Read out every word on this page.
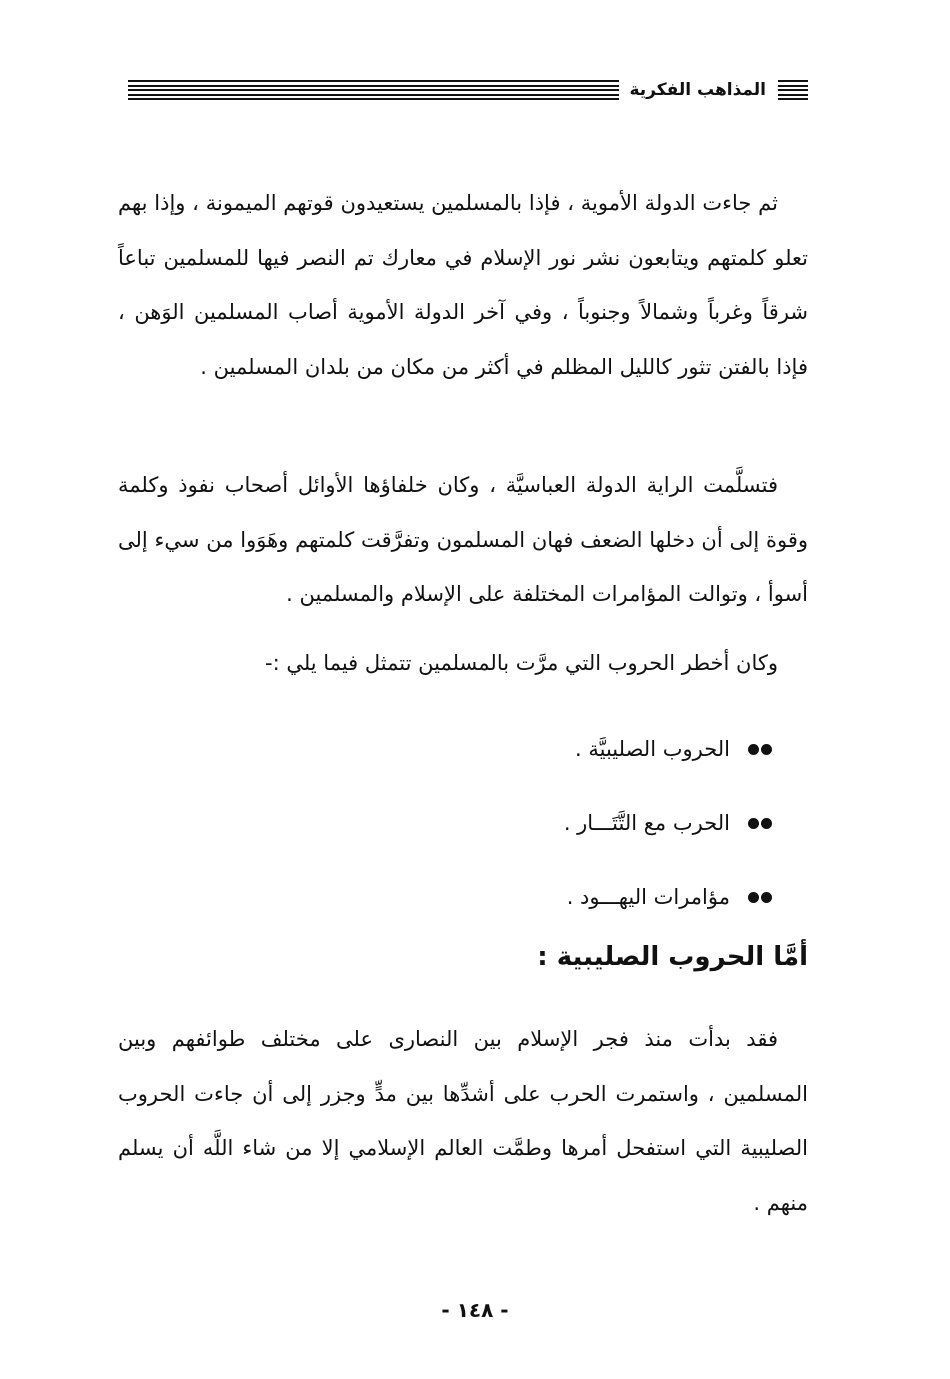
المذاهب الفكرية

ثم جاءت الدولة الأموية ، فإذا بالمسلمين يستعيدون قوتهم الميمونة ، وإذا بهم تعلو كلمتهم ويتابعون نشر نور الإسلام في معارك تم النصر فيها للمسلمين تباعاً شرقاً وغرباً وشمالاً وجنوباً ، وفي آخر الدولة الأموية أصاب المسلمين الوَهن ، فإذا بالفتن تثور كالليل المظلم في أكثر من مكان من بلدان المسلمين .

فتسلَّمت الراية الدولة العباسيَّة ، وكان خلفاؤها الأوائل أصحاب نفوذ وكلمة وقوة إلى أن دخلها الضعف فهان المسلمون وتفرَّقت كلمتهم وهَوَوا من سيء إلى أسوأ ، وتوالت المؤامرات المختلفة على الإسلام والمسلمين .

وكان أخطر الحروب التي مرَّت بالمسلمين تتمثل فيما يلي :-

الحروب الصليبيَّة .
الحرب مع التَّتَـــار .
مؤامرات اليهـــود .
أمَّا الحروب الصليبية :

فقد بدأت منذ فجر الإسلام بين النصارى على مختلف طوائفهم وبين المسلمين ، واستمرت الحرب على أشدِّها بين مدٍّ وجزر إلى أن جاءت الحروب الصليبية التي استفحل أمرها وطمَّت العالم الإسلامي إلا من شاء اللَّه أن يسلم منهم .

- ١٤٨ -
